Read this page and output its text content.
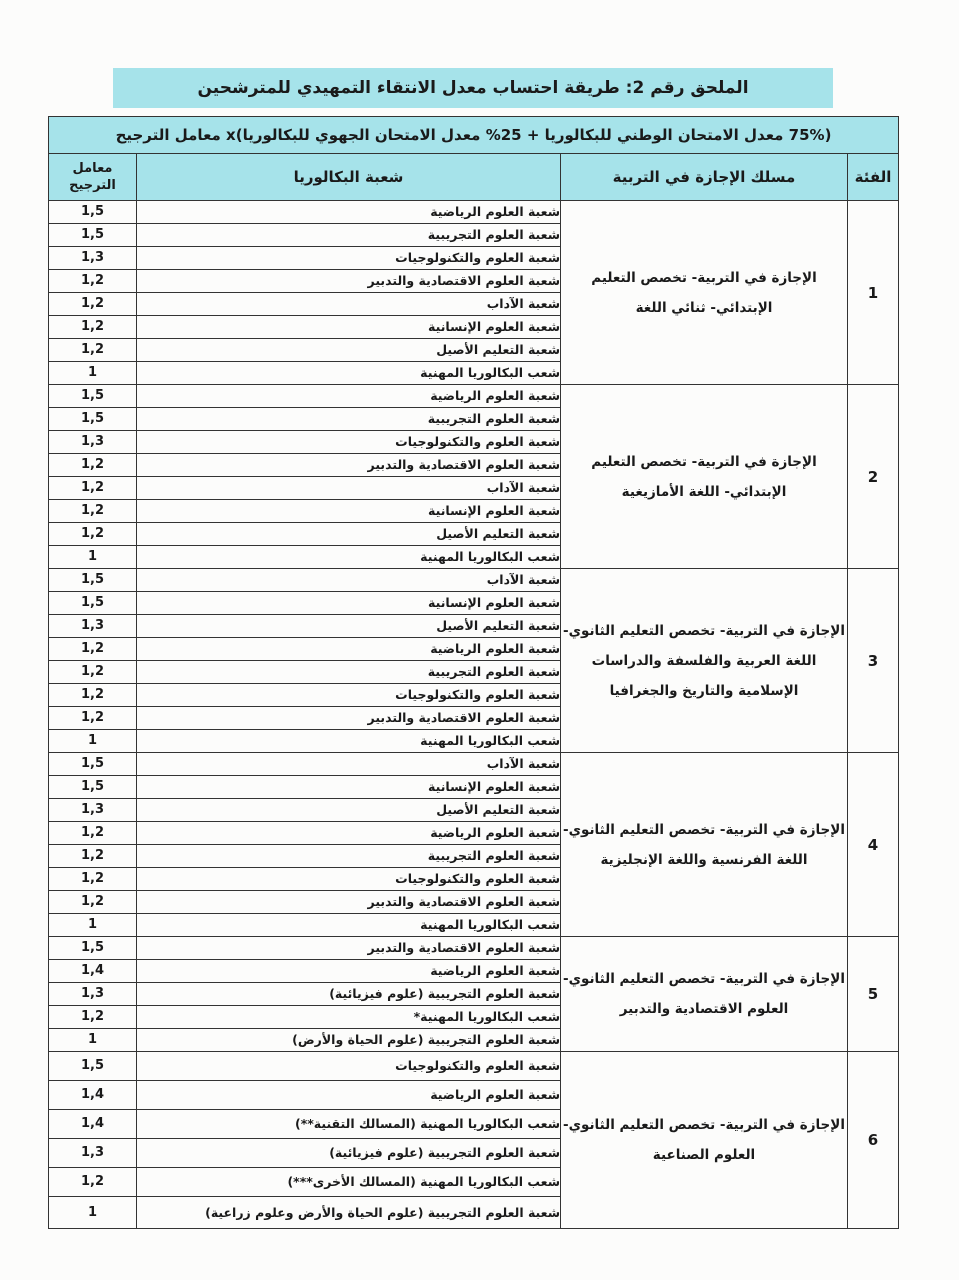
الملحق رقم 2: طريقة احتساب معدل الانتقاء التمهيدي للمترشحين
(75% معدل الامتحان الوطني للبكالوريا + 25% معدل الامتحان الجهوي للبكالوريا)x معامل الترجيح			
الفئة	مسلك الإجازة في التربية	شعبة البكالوريا	معامل الترجيح
1	الإجازة في التربية- تخصص التعليم الإبتدائي- ثنائي اللغة	شعبة العلوم الرياضية	1,5
		شعبة العلوم التجريبية	1,5
		شعبة العلوم والتكنولوجيات	1,3
		شعبة العلوم الاقتصادية والتدبير	1,2
		شعبة الآداب	1,2
		شعبة العلوم الإنسانية	1,2
		شعبة التعليم الأصيل	1,2
		شعب البكالوريا المهنية	1
2	الإجازة في التربية- تخصص التعليم الإبتدائي- اللغة الأمازيغية	شعبة العلوم الرياضية	1,5
		شعبة العلوم التجريبية	1,5
		شعبة العلوم والتكنولوجيات	1,3
		شعبة العلوم الاقتصادية والتدبير	1,2
		شعبة الآداب	1,2
		شعبة العلوم الإنسانية	1,2
		شعبة التعليم الأصيل	1,2
		شعب البكالوريا المهنية	1
3	الإجازة في التربية- تخصص التعليم الثانوي- اللغة العربية والفلسفة والدراسات الإسلامية والتاريخ والجغرافيا	شعبة الآداب	1,5
		شعبة العلوم الإنسانية	1,5
		شعبة التعليم الأصيل	1,3
		شعبة العلوم الرياضية	1,2
		شعبة العلوم التجريبية	1,2
		شعبة العلوم والتكنولوجيات	1,2
		شعبة العلوم الاقتصادية والتدبير	1,2
		شعب البكالوريا المهنية	1
4	الإجازة في التربية- تخصص التعليم الثانوي- اللغة الفرنسية واللغة الإنجليزية	شعبة الآداب	1,5
		شعبة العلوم الإنسانية	1,5
		شعبة التعليم الأصيل	1,3
		شعبة العلوم الرياضية	1,2
		شعبة العلوم التجريبية	1,2
		شعبة العلوم والتكنولوجيات	1,2
		شعبة العلوم الاقتصادية والتدبير	1,2
		شعب البكالوريا المهنية	1
5	الإجازة في التربية- تخصص التعليم الثانوي- العلوم الاقتصادية والتدبير	شعبة العلوم الاقتصادية والتدبير	1,5
		شعبة العلوم الرياضية	1,4
		شعبة العلوم التجريبية (علوم فيزيائية)	1,3
		شعب البكالوريا المهنية*	1,2
		شعبة العلوم التجريبية (علوم الحياة والأرض)	1
6	الإجازة في التربية- تخصص التعليم الثانوي- العلوم الصناعية	شعبة العلوم والتكنولوجيات	1,5
		شعبة العلوم الرياضية	1,4
		شعب البكالوريا المهنية (المسالك التقنية**)	1,4
		شعبة العلوم التجريبية (علوم فيزيائية)	1,3
		شعب البكالوريا المهنية (المسالك الأخرى***)	1,2
		شعبة العلوم التجريبية (علوم الحياة والأرض وعلوم زراعية)	1
